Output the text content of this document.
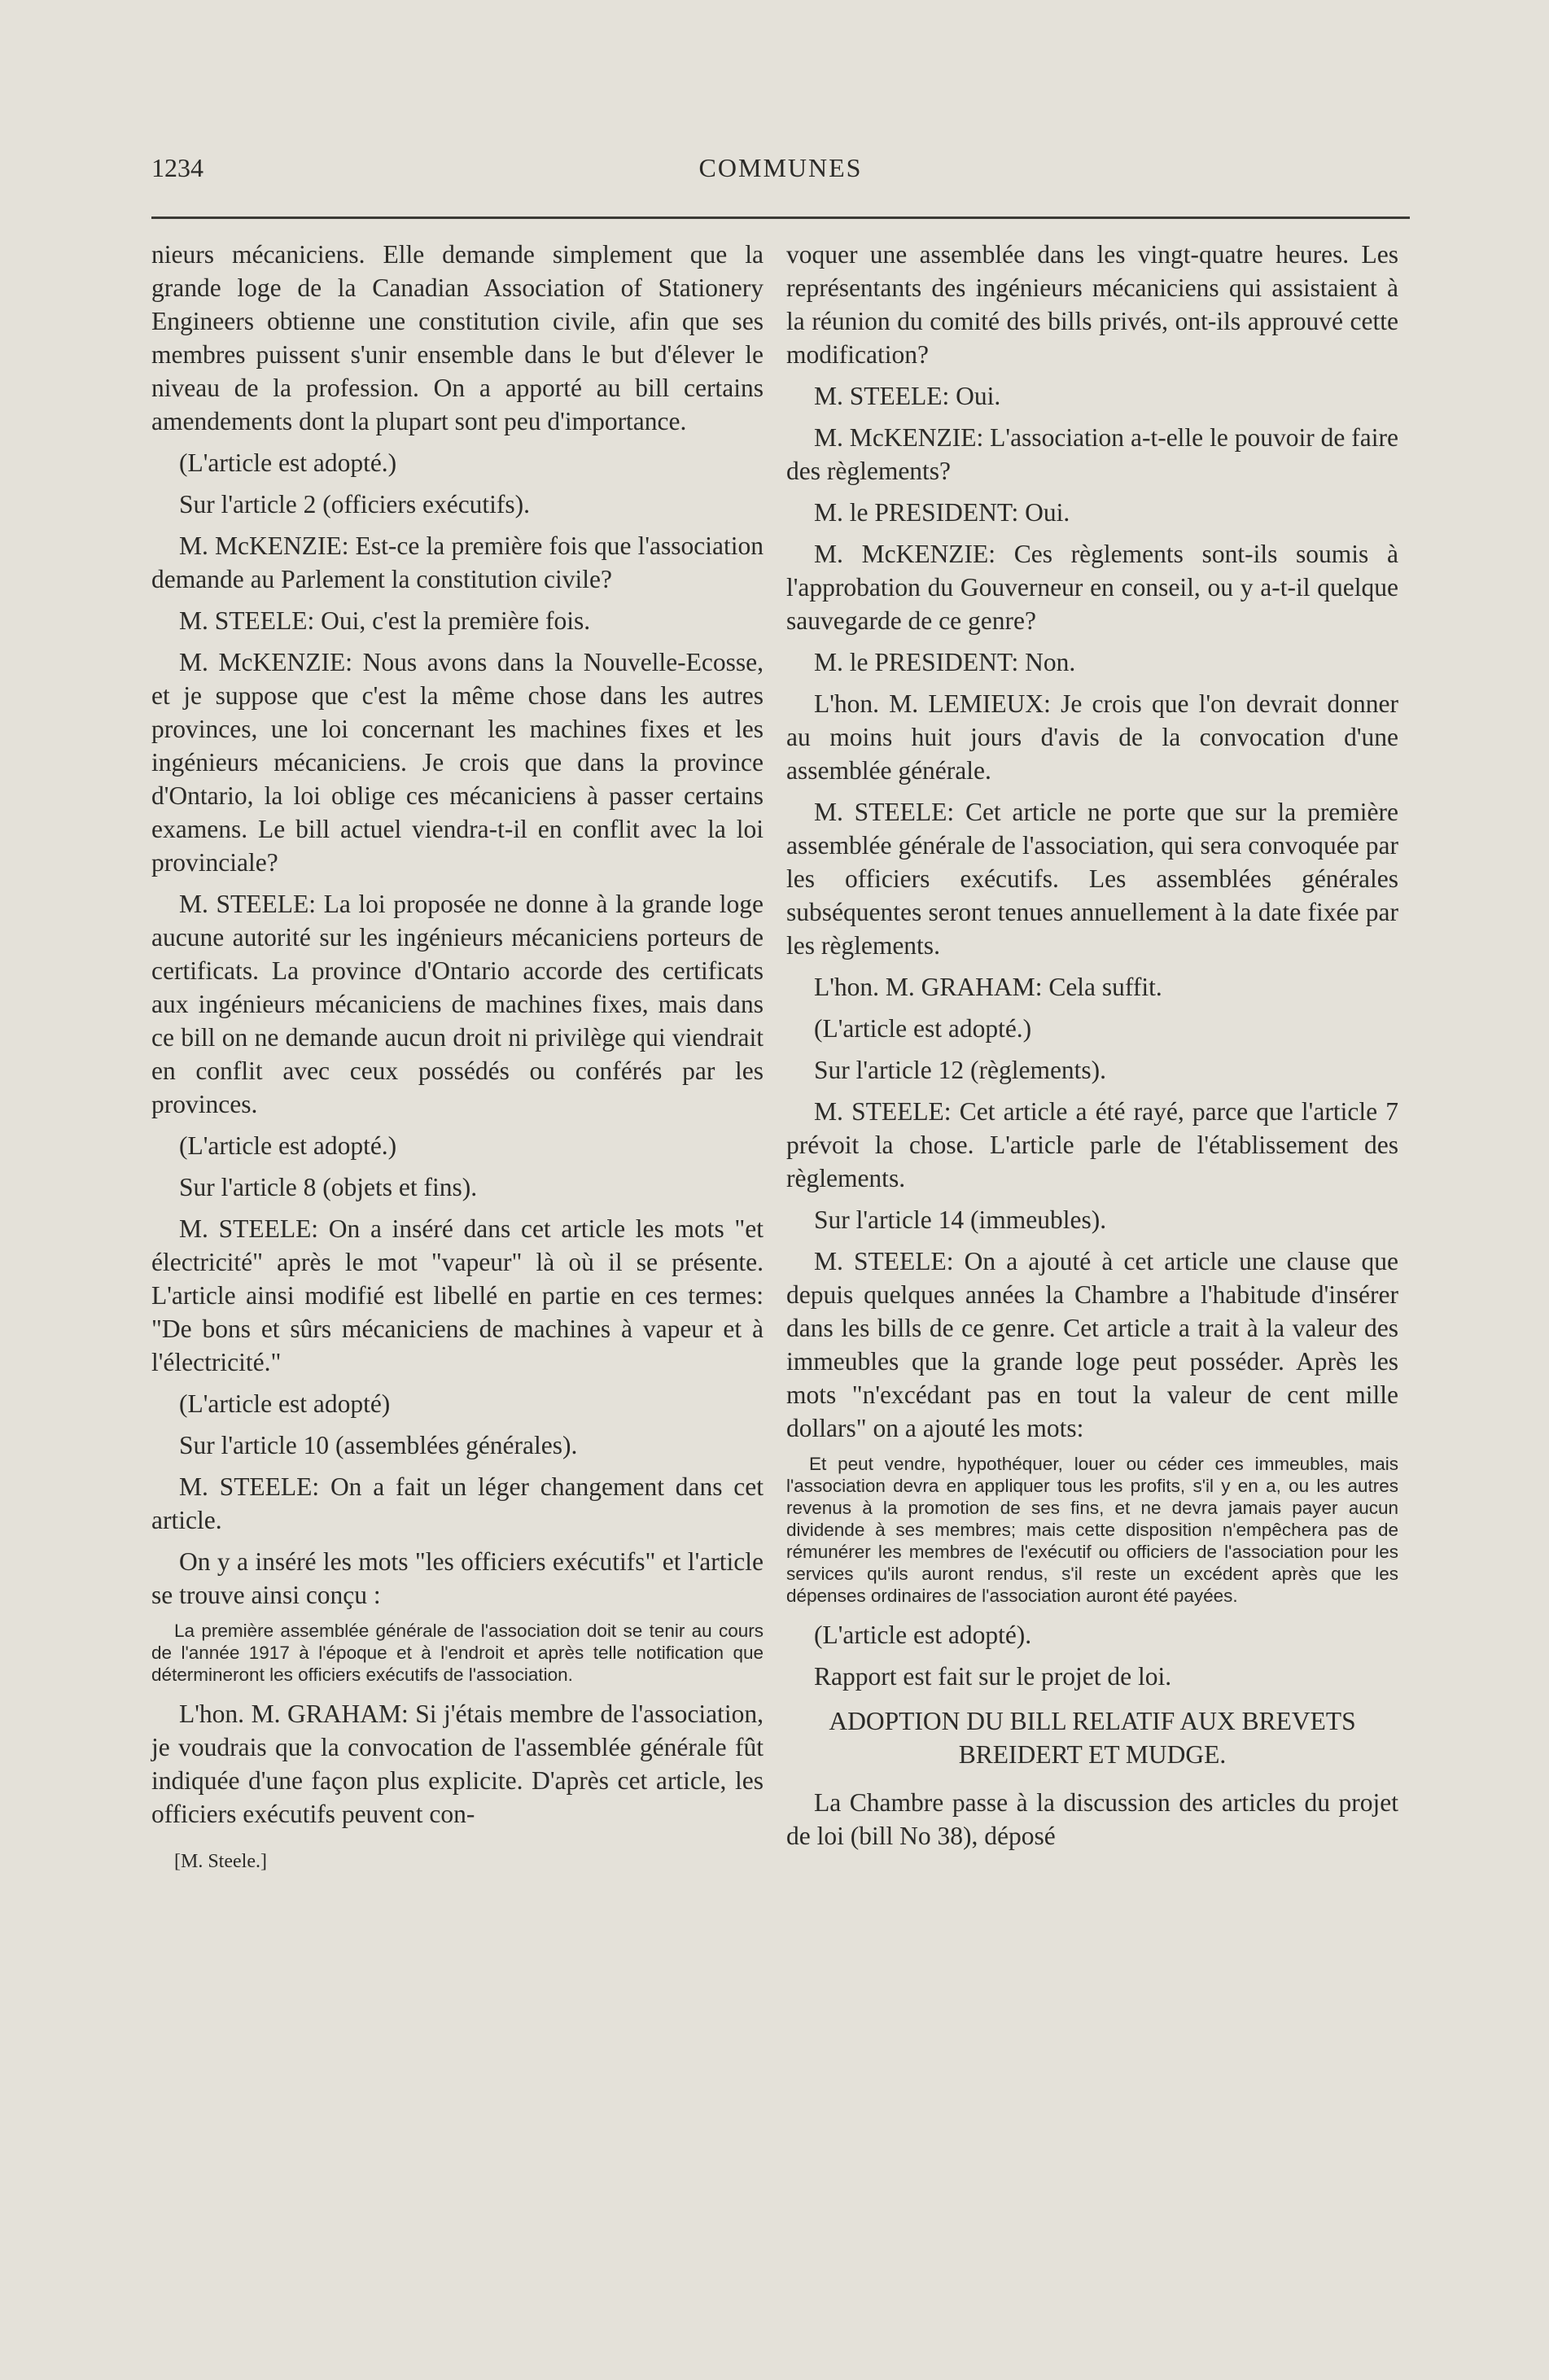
1234	COMMUNES

nieurs mécaniciens. Elle demande simplement que la grande loge de la Canadian Association of Stationery Engineers obtienne une constitution civile, afin que ses membres puissent s'unir ensemble dans le but d'élever le niveau de la profession. On a apporté au bill certains amendements dont la plupart sont peu d'importance.

(L'article est adopté.)

Sur l'article 2 (officiers exécutifs).

M. McKENZIE: Est-ce la première fois que l'association demande au Parlement la constitution civile?

M. STEELE: Oui, c'est la première fois.

M. McKENZIE: Nous avons dans la Nouvelle-Ecosse, et je suppose que c'est la même chose dans les autres provinces, une loi concernant les machines fixes et les ingénieurs mécaniciens. Je crois que dans la province d'Ontario, la loi oblige ces mécaniciens à passer certains examens. Le bill actuel viendra-t-il en conflit avec la loi provinciale?

M. STEELE: La loi proposée ne donne à la grande loge aucune autorité sur les ingénieurs mécaniciens porteurs de certificats. La province d'Ontario accorde des certificats aux ingénieurs mécaniciens de machines fixes, mais dans ce bill on ne demande aucun droit ni privilège qui viendrait en conflit avec ceux possédés ou conférés par les provinces.

(L'article est adopté.)

Sur l'article 8 (objets et fins).

M. STEELE: On a inséré dans cet article les mots "et électricité" après le mot "vapeur" là où il se présente. L'article ainsi modifié est libellé en partie en ces termes: "De bons et sûrs mécaniciens de machines à vapeur et à l'électricité."

(L'article est adopté)

Sur l'article 10 (assemblées générales).

M. STEELE: On a fait un léger changement dans cet article.

On y a inséré les mots "les officiers exécutifs" et l'article se trouve ainsi conçu :

La première assemblée générale de l'association doit se tenir au cours de l'année 1917 à l'époque et à l'endroit et après telle notification que détermineront les officiers exécutifs de l'association.

L'hon. M. GRAHAM: Si j'étais membre de l'association, je voudrais que la convocation de l'assemblée générale fût indiquée d'une façon plus explicite. D'après cet article, les officiers exécutifs peuvent con-

[M. Steele.]

voquer une assemblée dans les vingt-quatre heures. Les représentants des ingénieurs mécaniciens qui assistaient à la réunion du comité des bills privés, ont-ils approuvé cette modification?

M. STEELE: Oui.

M. McKENZIE: L'association a-t-elle le pouvoir de faire des règlements?

M. le PRESIDENT: Oui.

M. McKENZIE: Ces règlements sont-ils soumis à l'approbation du Gouverneur en conseil, ou y a-t-il quelque sauvegarde de ce genre?

M. le PRESIDENT: Non.

L'hon. M. LEMIEUX: Je crois que l'on devrait donner au moins huit jours d'avis de la convocation d'une assemblée générale.

M. STEELE: Cet article ne porte que sur la première assemblée générale de l'association, qui sera convoquée par les officiers exécutifs. Les assemblées générales subséquentes seront tenues annuellement à la date fixée par les règlements.

L'hon. M. GRAHAM: Cela suffit.

(L'article est adopté.)

Sur l'article 12 (règlements).

M. STEELE: Cet article a été rayé, parce que l'article 7 prévoit la chose. L'article parle de l'établissement des règlements.

Sur l'article 14 (immeubles).

M. STEELE: On a ajouté à cet article une clause que depuis quelques années la Chambre a l'habitude d'insérer dans les bills de ce genre. Cet article a trait à la valeur des immeubles que la grande loge peut posséder. Après les mots "n'excédant pas en tout la valeur de cent mille dollars" on a ajouté les mots:

Et peut vendre, hypothéquer, louer ou céder ces immeubles, mais l'association devra en appliquer tous les profits, s'il y en a, ou les autres revenus à la promotion de ses fins, et ne devra jamais payer aucun dividende à ses membres; mais cette disposition n'empêchera pas de rémunérer les membres de l'exécutif ou officiers de l'association pour les services qu'ils auront rendus, s'il reste un excédent après que les dépenses ordinaires de l'association auront été payées.

(L'article est adopté).

Rapport est fait sur le projet de loi.

ADOPTION DU BILL RELATIF AUX BREVETS BREIDERT ET MUDGE.

La Chambre passe à la discussion des articles du projet de loi (bill No 38), déposé
